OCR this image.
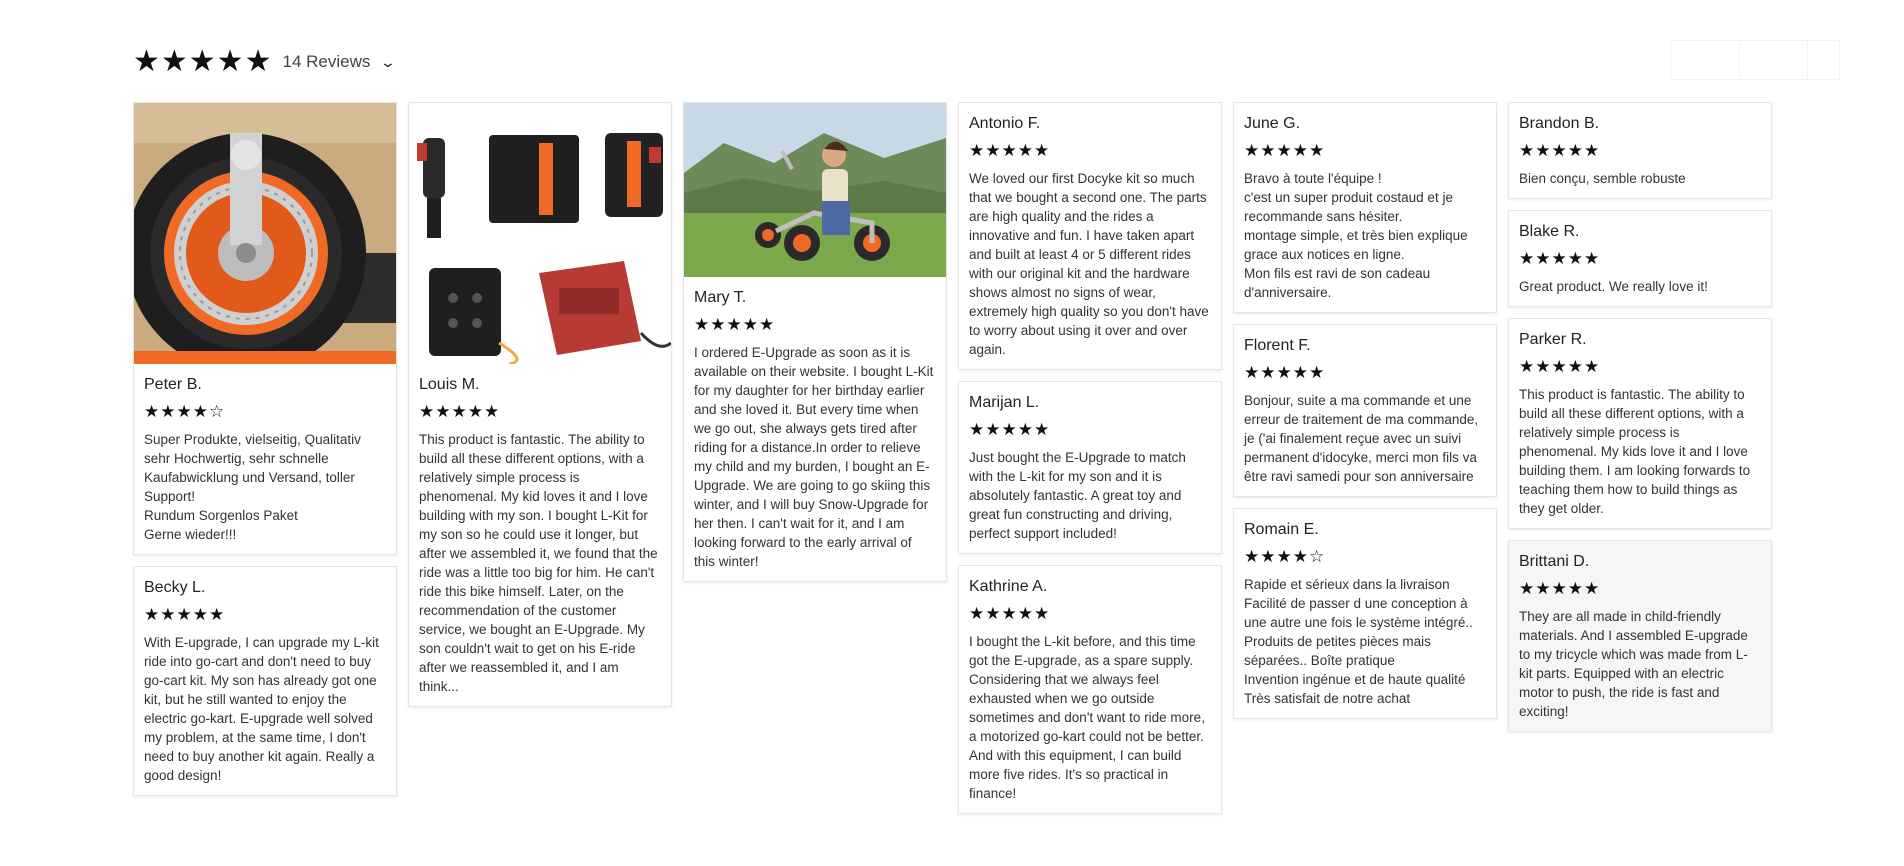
★★★★★ 14 Reviews ⌄
Peter B.
★★★★☆
Super Produkte, vielseitig, Qualitativ sehr Hochwertig, sehr schnelle Kaufabwicklung und Versand, toller Support!
Rundum Sorgenlos Paket
Gerne wieder!!!
Becky L.
★★★★★
With E-upgrade, I can upgrade my L-kit ride into go-cart and don't need to buy go-cart kit. My son has already got one kit, but he still wanted to enjoy the electric go-kart. E-upgrade well solved my problem, at the same time, I don't need to buy another kit again. Really a good design!
Louis M.
★★★★★
This product is fantastic. The ability to build all these different options, with a relatively simple process is phenomenal. My kid loves it and I love building with my son. I bought L-Kit for my son so he could use it longer, but after we assembled it, we found that the ride was a little too big for him. He can't ride this bike himself. Later, on the recommendation of the customer service, we bought an E-Upgrade. My son couldn't wait to get on his E-ride after we reassembled it, and I am think...
Mary T.
★★★★★
I ordered E-Upgrade as soon as it is available on their website. I bought L-Kit for my daughter for her birthday earlier and she loved it. But every time when we go out, she always gets tired after riding for a distance.In order to relieve my child and my burden, I bought an E-Upgrade. We are going to go skiing this winter, and I will buy Snow-Upgrade for her then. I can't wait for it, and I am looking forward to the early arrival of this winter!
Antonio F.
★★★★★
We loved our first Docyke kit so much that we bought a second one. The parts are high quality and the rides a innovative and fun. I have taken apart and built at least 4 or 5 different rides with our original kit and the hardware shows almost no signs of wear, extremely high quality so you don't have to worry about using it over and over again.
Marijan L.
★★★★★
Just bought the E-Upgrade to match with the L-kit for my son and it is absolutely fantastic. A great toy and great fun constructing and driving, perfect support included!
Kathrine A.
★★★★★
I bought the L-kit before, and this time got the E-upgrade, as a spare supply. Considering that we always feel exhausted when we go outside sometimes and don't want to ride more, a motorized go-kart could not be better. And with this equipment, I can build more five rides. It's so practical in finance!
June G.
★★★★★
Bravo à toute l'équipe !
c'est un super produit costaud et je recommande sans hésiter.
montage simple, et très bien explique grace aux notices en ligne.
Mon fils est ravi de son cadeau d'anniversaire.
Florent F.
★★★★★
Bonjour, suite a ma commande et une erreur de traitement de ma commande, je ('ai finalement reçue avec un suivi permanent d'idocyke, merci mon fils va être ravi samedi pour son anniversaire
Romain E.
★★★★☆
Rapide et sérieux dans la livraison
Facilité de passer d une conception à une autre une fois le système intégré..
Produits de petites pièces mais séparées.. Boîte pratique
Invention ingénue et de haute qualité
Très satisfait de notre achat
Brandon B.
★★★★★
Bien conçu, semble robuste
Blake R.
★★★★★
Great product. We really love it!
Parker R.
★★★★★
This product is fantastic. The ability to build all these different options, with a relatively simple process is phenomenal. My kids love it and I love building them. I am looking forwards to teaching them how to build things as they get older.
Brittani D.
★★★★★
They are all made in child-friendly materials. And I assembled E-upgrade to my tricycle which was made from L-kit parts. Equipped with an electric motor to push, the ride is fast and exciting!
